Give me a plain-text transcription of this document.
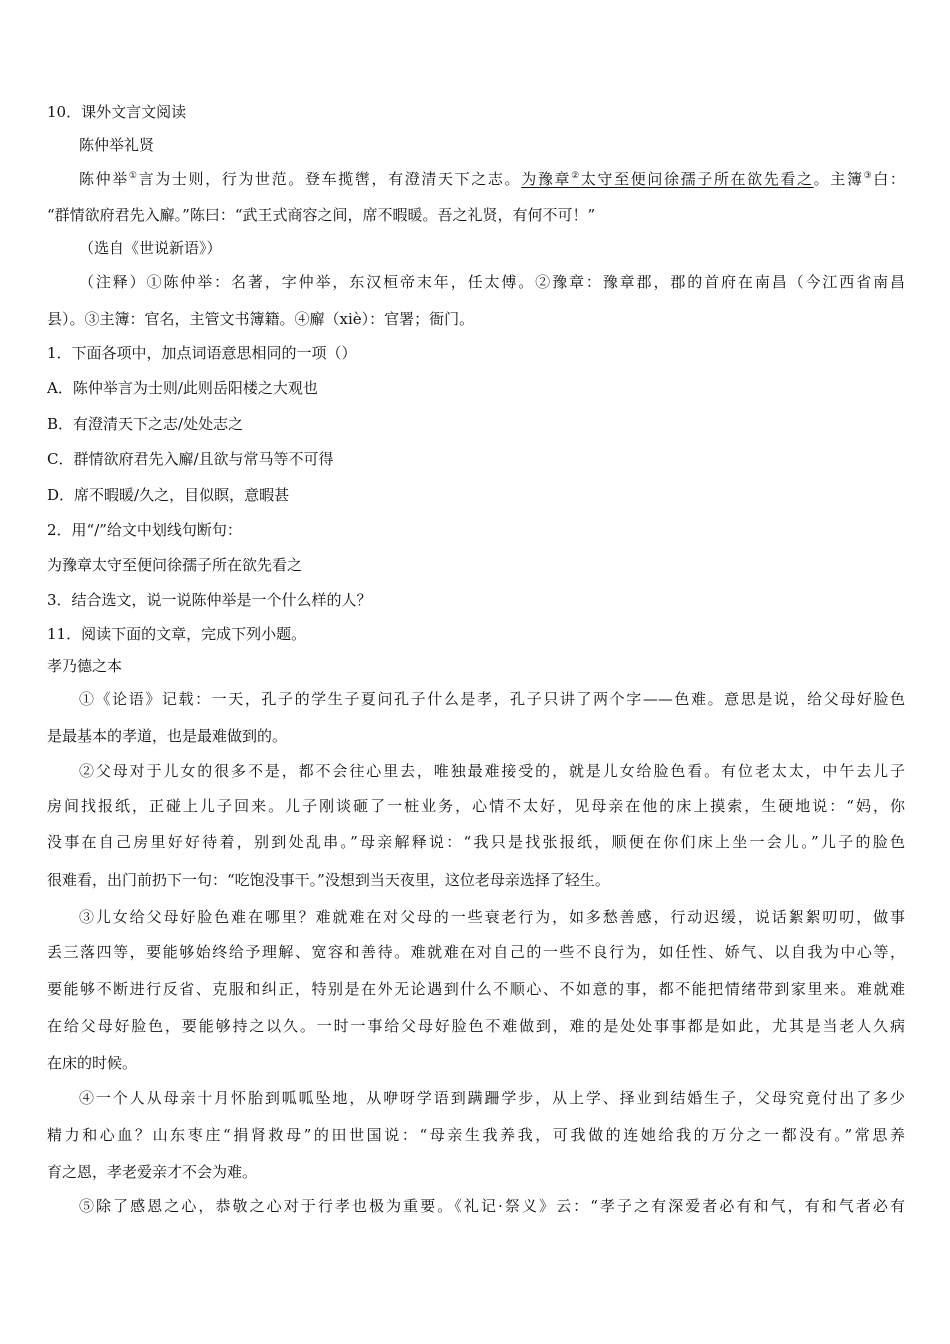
10．课外文言文阅读
陈仲举礼贤
陈仲举①言为士则，行为世范。登车揽辔，有澄清天下之志。为豫章②太守至便问徐孺子所在欲先看之。主簿③白：
“群情欲府君先入廨。”陈曰：“武王式商容之间，席不暇暖。吾之礼贤，有何不可！”
（选自《世说新语》）
（注释）①陈仲举：名著，字仲举，东汉桓帝末年，任太傅。②豫章：豫章郡，郡的首府在南昌（今江西省南昌
县）。③主簿：官名，主管文书簿籍。④廨（xiè）：官署；衙门。
1．下面各项中，加点词语意思相同的一项（）
A．陈仲举言为士则/此则岳阳楼之大观也
B．有澄清天下之志/处处志之
C．群情欲府君先入廨/且欲与常马等不可得
D．席不暇暖/久之，目似瞑，意暇甚
2．用“/”给文中划线句断句：
为豫章太守至便问徐孺子所在欲先看之
3．结合选文，说一说陈仲举是一个什么样的人？
11．阅读下面的文章，完成下列小题。
孝乃德之本
①《论语》记载：一天，孔子的学生子夏问孔子什么是孝，孔子只讲了两个字——色难。意思是说，给父母好脸色
是最基本的孝道，也是最难做到的。
②父母对于儿女的很多不是，都不会往心里去，唯独最难接受的，就是儿女给脸色看。有位老太太，中午去儿子
房间找报纸，正碰上儿子回来。儿子刚谈砸了一桩业务，心情不太好，见母亲在他的床上摸索，生硬地说：“妈，你
没事在自己房里好好待着，别到处乱串。”母亲解释说：“我只是找张报纸，顺便在你们床上坐一会儿。”儿子的脸色
很难看，出门前扔下一句：“吃饱没事干。”没想到当天夜里，这位老母亲选择了轻生。
③儿女给父母好脸色难在哪里？难就难在对父母的一些衰老行为，如多愁善感，行动迟缓，说话絮絮叨叨，做事
丢三落四等，要能够始终给予理解、宽容和善待。难就难在对自己的一些不良行为，如任性、娇气、以自我为中心等，
要能够不断进行反省、克服和纠正，特别是在外无论遇到什么不顺心、不如意的事，都不能把情绪带到家里来。难就难
在给父母好脸色，要能够持之以久。一时一事给父母好脸色不难做到，难的是处处事事都是如此，尤其是当老人久病
在床的时候。
④一个人从母亲十月怀胎到呱呱坠地，从咿呀学语到蹒跚学步，从上学、择业到结婚生子，父母究竟付出了多少
精力和心血？山东枣庄“捐肾救母”的田世国说：“母亲生我养我，可我做的连她给我的万分之一都没有。”常思养
育之恩，孝老爱亲才不会为难。
⑤除了感恩之心，恭敬之心对于行孝也极为重要。《礼记·祭义》云：“孝子之有深爱者必有和气，有和气者必有
